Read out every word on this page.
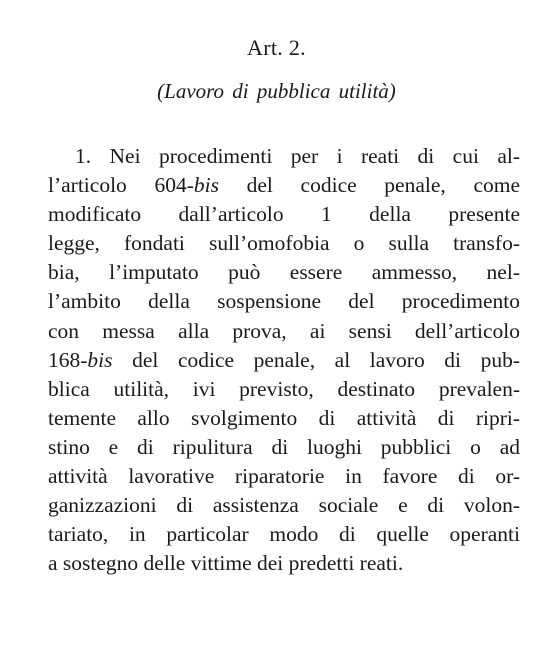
Art. 2.
(Lavoro di pubblica utilità)
1. Nei procedimenti per i reati di cui al-
l’articolo 604-bis del codice penale, come
modificato dall’articolo 1 della presente
legge, fondati sull’omofobia o sulla transfo-
bia, l’imputato può essere ammesso, nel-
l’ambito della sospensione del procedimento
con messa alla prova, ai sensi dell’articolo
168-bis del codice penale, al lavoro di pub-
blica utilità, ivi previsto, destinato prevalen-
temente allo svolgimento di attività di ripri-
stino e di ripulitura di luoghi pubblici o ad
attività lavorative riparatorie in favore di or-
ganizzazioni di assistenza sociale e di volon-
tariato, in particolar modo di quelle operanti
a sostegno delle vittime dei predetti reati.
